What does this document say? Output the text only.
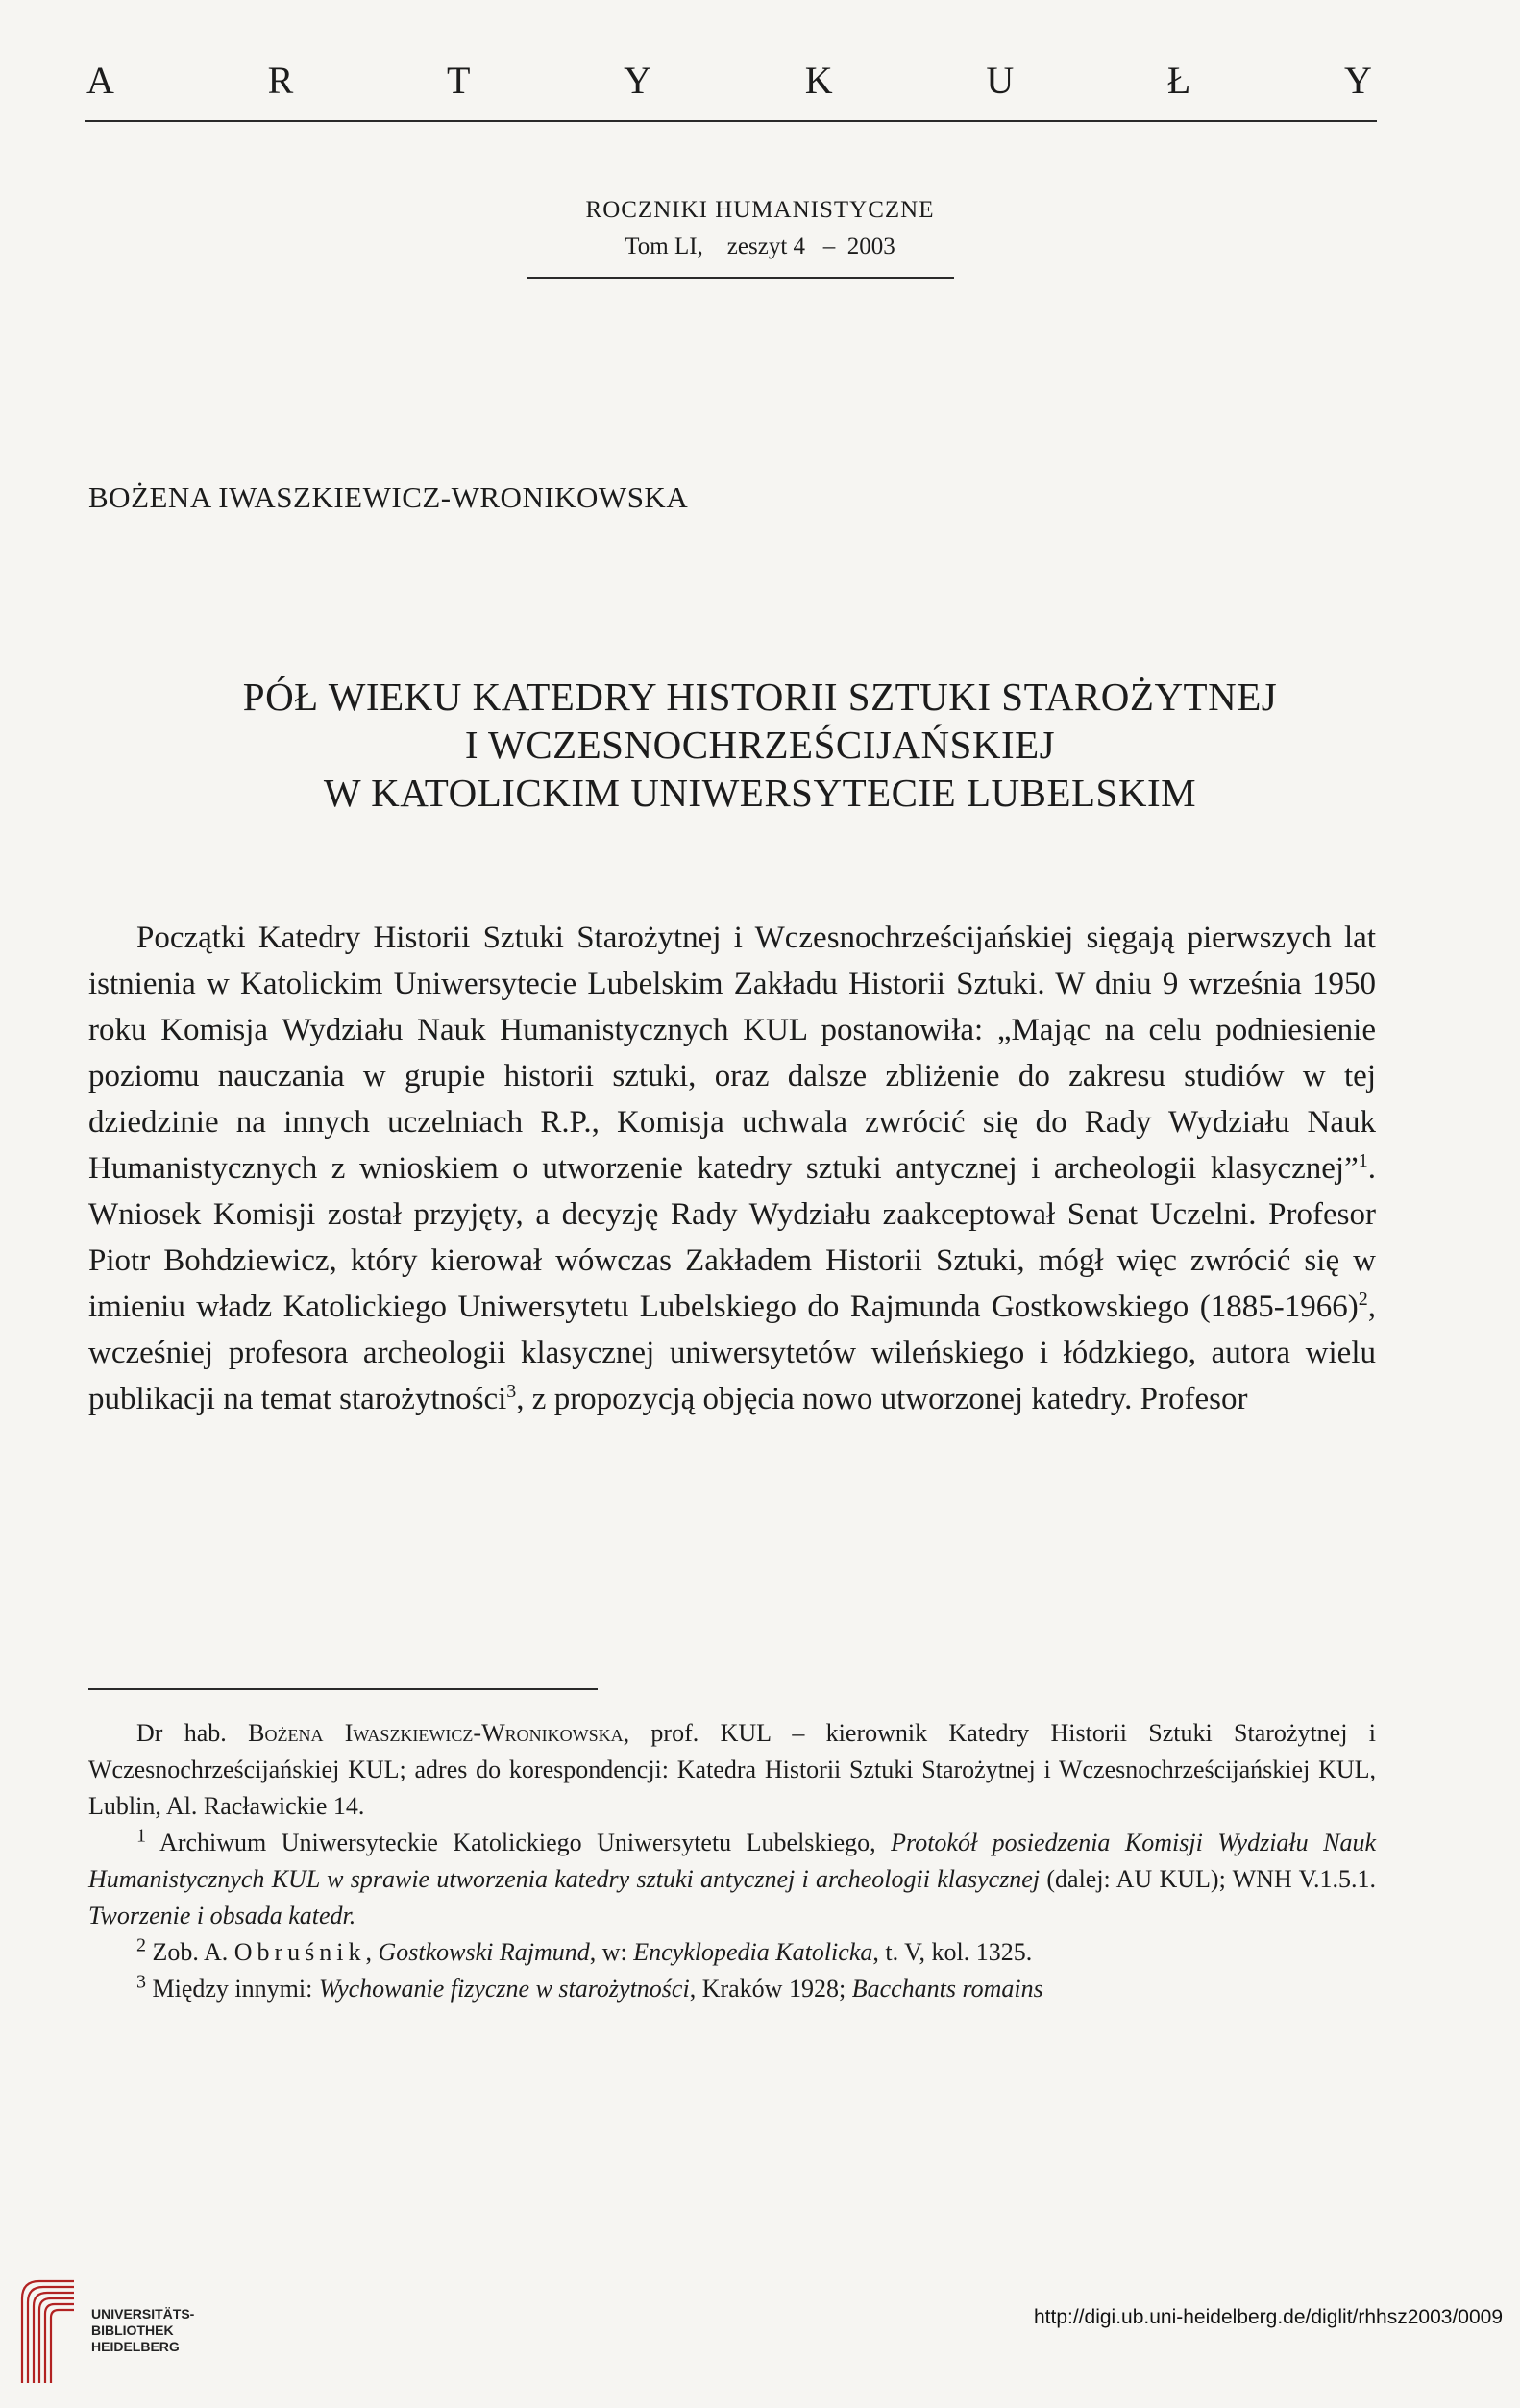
A	R	T	Y	K	U	Ł	Y
ROCZNIKI HUMANISTYCZNE
Tom LI,    zeszyt 4   –  2003
BOŻENA IWASZKIEWICZ-WRONIKOWSKA
PÓŁ WIEKU KATEDRY HISTORII SZTUKI STAROŻYTNEJ
I WCZESNOCHRZEŚCIJAŃSKIEJ
W KATOLICKIM UNIWERSYTECIE LUBELSKIM

Początki Katedry Historii Sztuki Starożytnej i Wczesnochrześcijańskiej sięgają pierwszych lat istnienia w Katolickim Uniwersytecie Lubelskim Zakładu Historii Sztuki. W dniu 9 września 1950 roku Komisja Wydziału Nauk Humanistycznych KUL postanowiła: „Mając na celu podniesienie poziomu nauczania w grupie historii sztuki, oraz dalsze zbliżenie do zakresu studiów w tej dziedzinie na innych uczelniach R.P., Komisja uchwala zwrócić się do Rady Wydziału Nauk Humanistycznych z wnioskiem o utworzenie katedry sztuki antycznej i archeologii klasycznej”$^1$. Wniosek Komisji został przyjęty, a decyzję Rady Wydziału zaakceptował Senat Uczelni. Profesor Piotr Bohdziewicz, który kierował wówczas Zakładem Historii Sztuki, mógł więc zwrócić się w imieniu władz Katolickiego Uniwersytetu Lubelskiego do Rajmunda Gostkowskiego (1885-1966)$^2$, wcześniej profesora archeologii klasycznej uniwersytetów wileńskiego i łódzkiego, autora wielu publikacji na temat starożytności$^3$, z propozycją objęcia nowo utworzonej katedry. Profesor

Dr hab. Bożena Iwaszkiewicz-Wronikowska, prof. KUL – kierownik Katedry Historii Sztuki Starożytnej i Wczesnochrześcijańskiej KUL; adres do korespondencji: Katedra Historii Sztuki Starożytnej i Wczesnochrześcijańskiej KUL, Lublin, Al. Racławickie 14.

$^1$ Archiwum Uniwersyteckie Katolickiego Uniwersytetu Lubelskiego, Protokół posiedzenia Komisji Wydziału Nauk Humanistycznych KUL w sprawie utworzenia katedry sztuki antycznej i archeologii klasycznej (dalej: AU KUL); WNH V.1.5.1. Tworzenie i obsada katedr.

$^2$ Zob. A. Obruśnik, Gostkowski Rajmund, w: Encyklopedia Katolicka, t. V, kol. 1325.

$^3$ Między innymi: Wychowanie fizyczne w starożytności, Kraków 1928; Bacchants romains

UNIVERSITÄTS-
BIBLIOTHEK
HEIDELBERG
http://digi.ub.uni-heidelberg.de/diglit/rhhsz2003/0009
